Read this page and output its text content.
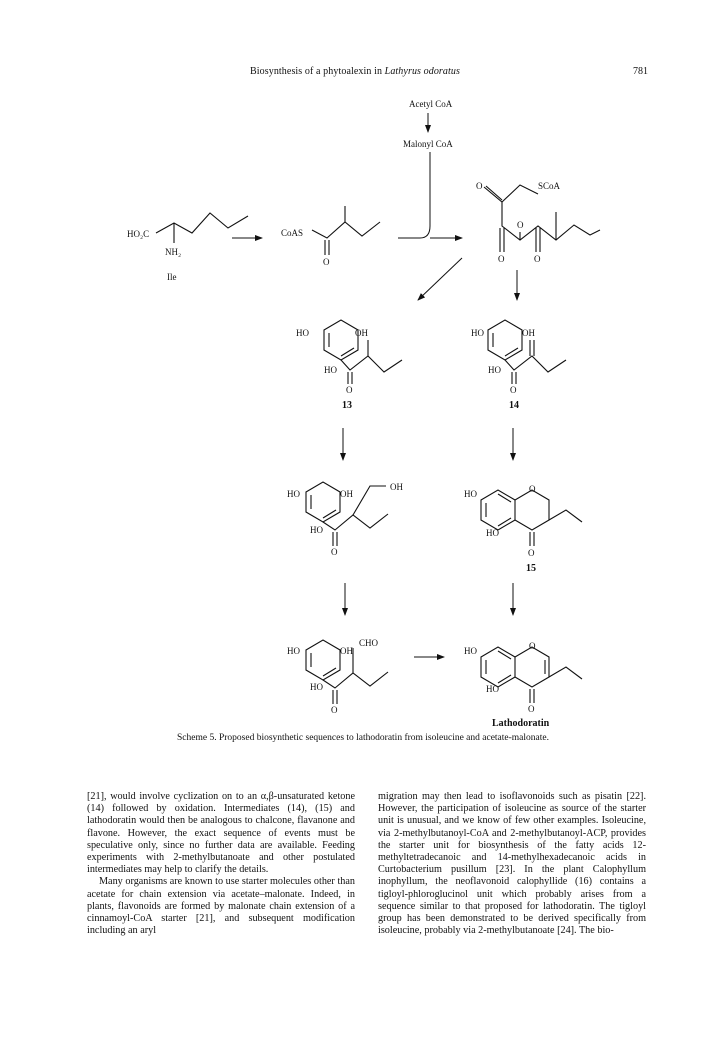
Biosynthesis of a phytoalexin in Lathyrus odoratus	781
Acetyl CoA
Malonyl CoA
HO₂C
NH₂
Ile
CoAS
O
O	SCoA
O
O	O
HO	OH
HO
O
13
HO	OH
HO
O
14
HO	OH
HO
OH
O
HO
HO
O
O
15
HO	OH
HO
CHO
O
HO
HO
O
O
Lathodoratin
Scheme 5. Proposed biosynthetic sequences to lathodoratin from isoleucine and acetate-malonate.

[21], would involve cyclization on to an α,β-unsaturated ketone (14) followed by oxidation. Intermediates (14), (15) and lathodoratin would then be analogous to chalcone, flavanone and flavone. However, the exact sequence of events must be speculative only, since no further data are available. Feeding experiments with 2-methylbutanoate and other postulated intermediates may help to clarify the details.

Many organisms are known to use starter molecules other than acetate for chain extension via acetate–malonate. Indeed, in plants, flavonoids are formed by malonate chain extension of a cinnamoyl-CoA starter [21], and subsequent modification including an aryl

migration may then lead to isoflavonoids such as pisatin [22]. However, the participation of isoleucine as source of the starter unit is unusual, and we know of few other examples. Isoleucine, via 2-methylbutanoyl-CoA and 2-methylbutanoyl-ACP, provides the starter unit for biosynthesis of the fatty acids 12-methyltetradecanoic and 14-methylhexadecanoic acids in Curtobacterium pusillum [23]. In the plant Calophyllum inophyllum, the neoflavonoid calophyllide (16) contains a tigloyl-phloroglucinol unit which probably arises from a sequence similar to that proposed for lathodoratin. The tigloyl group has been demonstrated to be derived specifically from isoleucine, probably via 2-methylbutanoate [24]. The bio-
